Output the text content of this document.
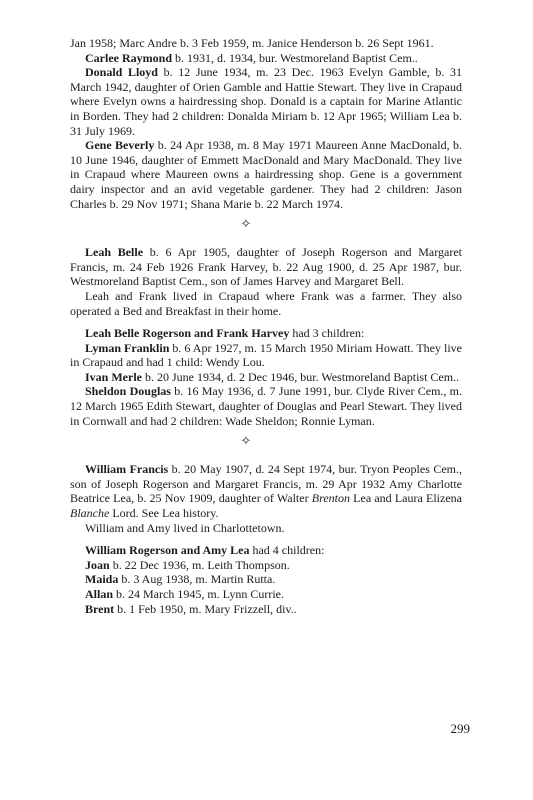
Jan 1958; Marc Andre b. 3 Feb 1959, m. Janice Henderson b. 26 Sept 1961.

Carlee Raymond b. 1931, d. 1934, bur. Westmoreland Baptist Cem..

Donald Lloyd b. 12 June 1934, m. 23 Dec. 1963 Evelyn Gamble, b. 31 March 1942, daughter of Orien Gamble and Hattie Stewart. They live in Crapaud where Evelyn owns a hairdressing shop. Donald is a captain for Marine Atlantic in Borden. They had 2 children: Donalda Miriam b. 12 Apr 1965; William Lea b. 31 July 1969.

Gene Beverly b. 24 Apr 1938, m. 8 May 1971 Maureen Anne MacDonald, b. 10 June 1946, daughter of Emmett MacDonald and Mary MacDonald. They live in Crapaud where Maureen owns a hairdressing shop. Gene is a government dairy inspector and an avid vegetable gardener. They had 2 children: Jason Charles b. 29 Nov 1971; Shana Marie b. 22 March 1974.

✧

Leah Belle b. 6 Apr 1905, daughter of Joseph Rogerson and Margaret Francis, m. 24 Feb 1926 Frank Harvey, b. 22 Aug 1900, d. 25 Apr 1987, bur. Westmoreland Baptist Cem., son of James Harvey and Margaret Bell.

Leah and Frank lived in Crapaud where Frank was a farmer. They also operated a Bed and Breakfast in their home.

Leah Belle Rogerson and Frank Harvey had 3 children:

Lyman Franklin b. 6 Apr 1927, m. 15 March 1950 Miriam Howatt. They live in Crapaud and had 1 child: Wendy Lou.

Ivan Merle b. 20 June 1934, d. 2 Dec 1946, bur. Westmoreland Baptist Cem..

Sheldon Douglas b. 16 May 1936, d. 7 June 1991, bur. Clyde River Cem., m. 12 March 1965 Edith Stewart, daughter of Douglas and Pearl Stewart. They lived in Cornwall and had 2 children: Wade Sheldon; Ronnie Lyman.

✧

William Francis b. 20 May 1907, d. 24 Sept 1974, bur. Tryon Peoples Cem., son of Joseph Rogerson and Margaret Francis, m. 29 Apr 1932 Amy Charlotte Beatrice Lea, b. 25 Nov 1909, daughter of Walter Brenton Lea and Laura Elizena Blanche Lord. See Lea history.

William and Amy lived in Charlottetown.

William Rogerson and Amy Lea had 4 children:

Joan b. 22 Dec 1936, m. Leith Thompson.

Maida b. 3 Aug 1938, m. Martin Rutta.

Allan b. 24 March 1945, m. Lynn Currie.

Brent b. 1 Feb 1950, m. Mary Frizzell, div..

299
